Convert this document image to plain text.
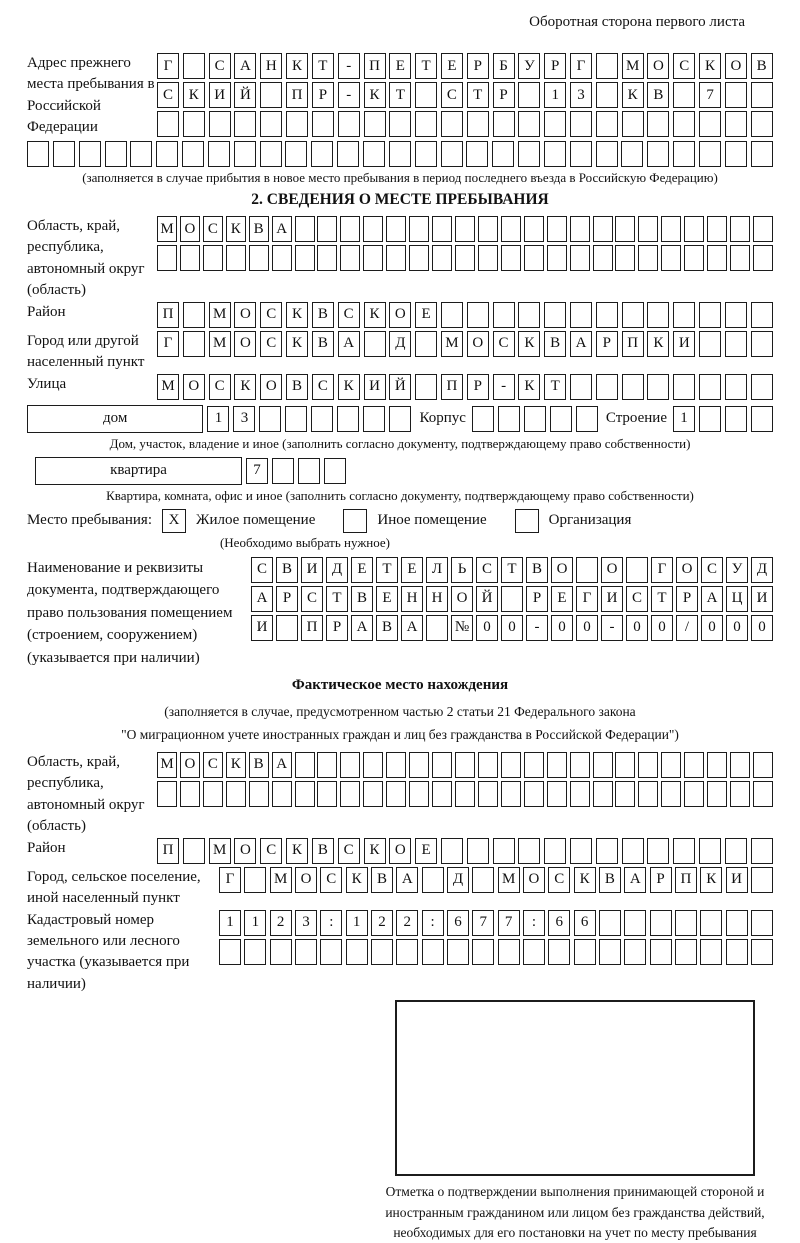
Оборотная сторона первого листа
Адрес прежнего места пребывания в Российской Федерации
Г	С	А Н	К	Т	-	П	Е	Т	Е	Р	Б	У	Р	Г	М О	С	К	О	В
С	К	И Й	П	Р	-	К	Т	С	Т	Р	1	3	К	В	7
(заполняется в случае прибытия в новое место пребывания в период последнего въезда в Российскую Федерацию)
2. СВЕДЕНИЯ О МЕСТЕ ПРЕБЫВАНИЯ
Область, край, республика, автономный округ (область)
М О С К В А
Район	П	М О	С	К	В	С	К	О	Е
Город или другой населенный пункт
Г	М О	С	К	В	А	Д	М О	С	К	В	А	Р	П	К	И
Улица	М О	С	К	О	В	С	К	И Й	П	Р	-	К	Т
дом	1	3	Корпус	Строение 1
Дом, участок, владение и иное (заполнить согласно документу, подтверждающему право собственности)
квартира	7
Квартира, комната, офис и иное (заполнить согласно документу, подтверждающему право собственности)
Место пребывания:	X	Жилое помещение	Иное помещение	Организация
(Необходимо выбрать нужное)
Наименование и реквизиты документа, подтверждающего право пользования помещением (строением, сооружением) (указывается при наличии)
С В И Д	Е	Т	Е	Л	Ь	С	Т	В О	О	Г	О С У Д
А	Р	С	Т	В	Е	Н Н О Й	Р	Е	Г	И С	Т	Р	А Ц И
И	П	Р	А В А	№ 0	0	-	0	0	-	0	0	/	0	0	0
Фактическое место нахождения
(заполняется в случае, предусмотренном частью 2 статьи 21 Федерального закона
"О миграционном учете иностранных граждан и лиц без гражданства в Российской Федерации")
Область, край, республика, автономный округ (область)
М О С К В А
Район	П	М О	С	К	В	С	К	О	Е
Город, сельское поселение, иной населенный пункт
Г	М О С	К	В А	Д	М О С	К	В А	Р	П К И
Кадастровый номер земельного или лесного участка (указывается при наличии)
1	1	2	3	:	1	2	2	:	6	7	7	:	6	6
Отметка о подтверждении выполнения принимающей стороной и иностранным гражданином или лицом без гражданства действий, необходимых для его постановки на учет по месту пребывания
